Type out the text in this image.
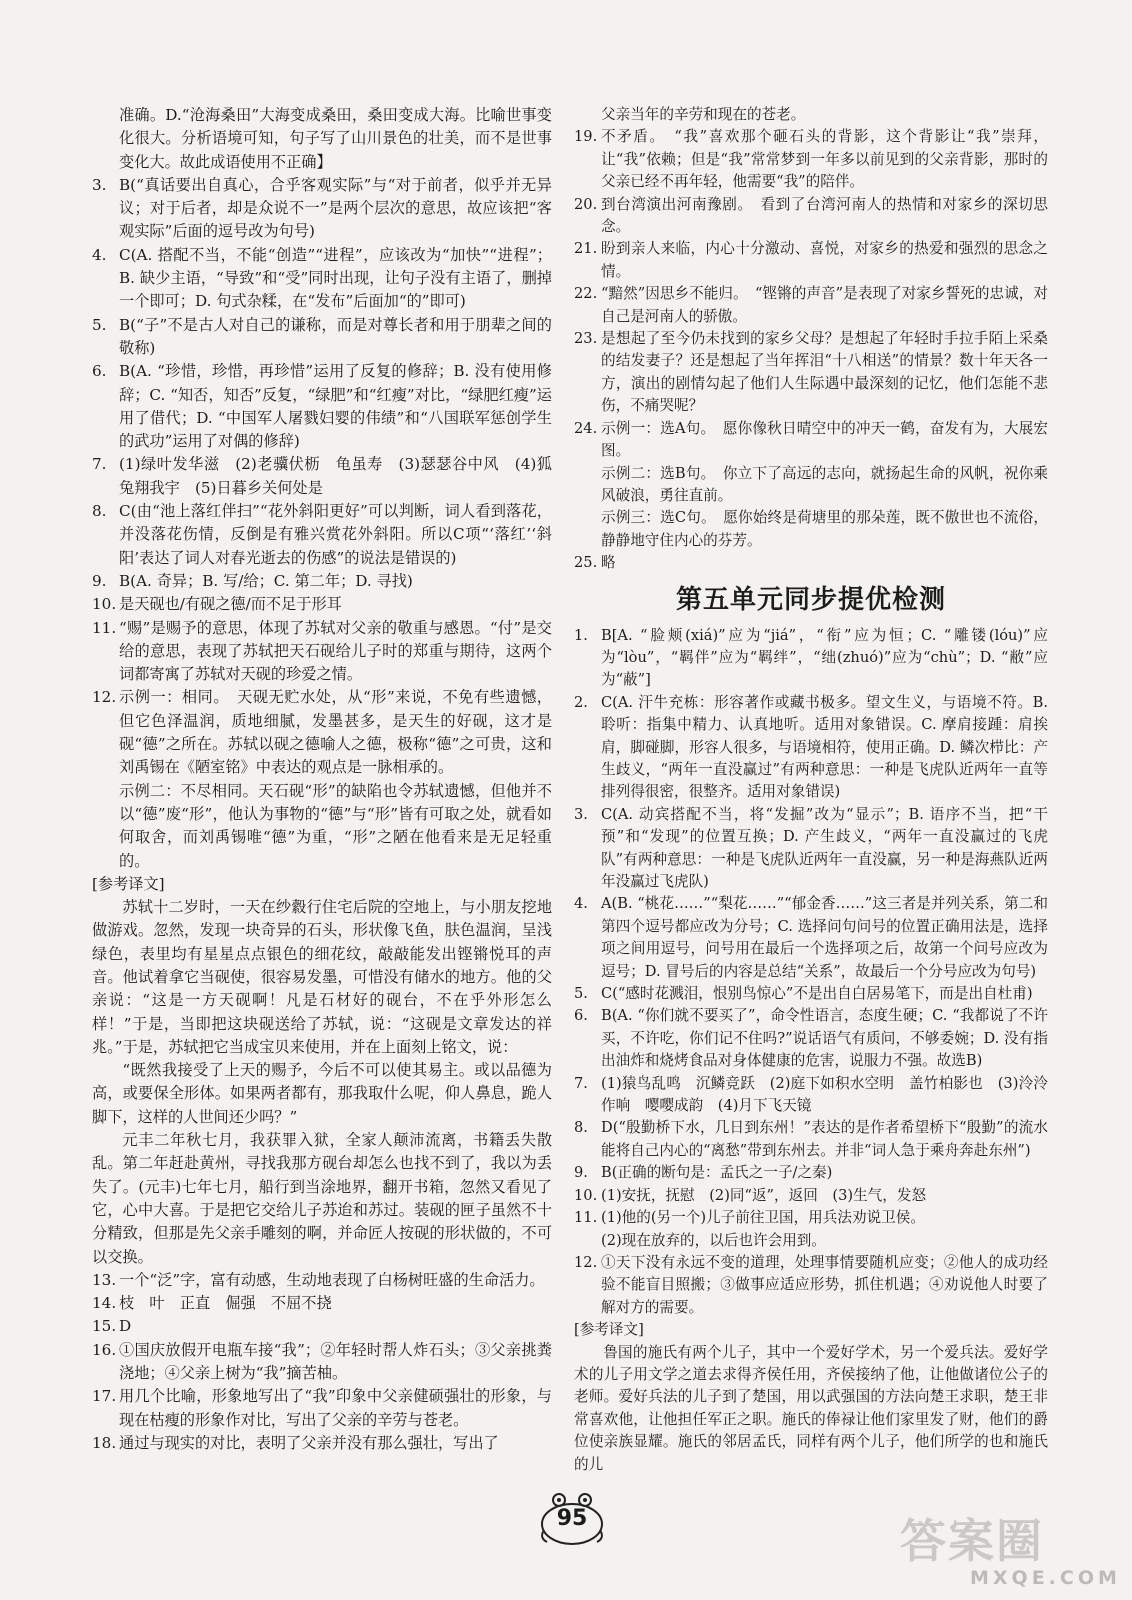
准确。D.“沧海桑田”大海变成桑田，桑田变成大海。比喻世事变化很大。分析语境可知，句子写了山川景色的壮美，而不是世事变化大。故此成语使用不正确】
3. B(“真话要出自真心，合乎客观实际”与“对于前者，似乎并无异议；对于后者，却是众说不一”是两个层次的意思，故应该把“客观实际”后面的逗号改为句号)
4. C(A. 搭配不当，不能“创造”“进程”，应该改为“加快”“进程”；B. 缺少主语，“导致”和“受”同时出现，让句子没有主语了，删掉一个即可；D. 句式杂糅，在“发布”后面加“的”即可)
5. B(“子”不是古人对自己的谦称，而是对尊长者和用于朋辈之间的敬称)
6. B(A. “珍惜，珍惜，再珍惜”运用了反复的修辞；B. 没有使用修辞；C. “知否，知否”反复，“绿肥”和“红瘦”对比，“绿肥红瘦”运用了借代；D. “中国军人屠戮妇婴的伟绩”和“八国联军惩创学生的武功”运用了对偶的修辞)
7. (1)绿叶发华滋　(2)老骥伏枥　龟虽寿　(3)瑟瑟谷中风　(4)狐兔翔我宇　(5)日暮乡关何处是
8. C(由“池上落红伴扫”“花外斜阳更好”可以判断，词人看到落花，并没落花伤情，反倒是有雅兴赏花外斜阳。所以C项“‘落红’‘斜阳’表达了词人对春光逝去的伤感”的说法是错误的)
9. B(A. 奇异；B. 写/给；C. 第二年；D. 寻找)
10. 是天砚也/有砚之德/而不足于形耳
11. “赐”是赐予的意思，体现了苏轼对父亲的敬重与感恩。“付”是交给的意思，表现了苏轼把天石砚给儿子时的郑重与期待，这两个词都寄寓了苏轼对天砚的珍爱之情。
12. 示例一：相同。　天砚无贮水处，从“形”来说，不免有些遗憾，但它色泽温润，质地细腻，发墨甚多，是天生的好砚，这才是砚“德”之所在。苏轼以砚之德喻人之德，极称“德”之可贵，这和刘禹锡在《陋室铭》中表达的观点是一脉相承的。
示例二：不尽相同。天石砚“形”的缺陷也令苏轼遗憾，但他并不以“德”废“形”，他认为事物的“德”与“形”皆有可取之处，就看如何取舍，而刘禹锡唯“德”为重，“形”之陋在他看来是无足轻重的。

[参考译文]

苏轼十二岁时，一天在纱縠行住宅后院的空地上，与小朋友挖地做游戏。忽然，发现一块奇异的石头，形状像飞鱼，肤色温润，呈浅绿色，表里均有星星点点银色的细花纹，敲敲能发出铿锵悦耳的声音。他试着拿它当砚使，很容易发墨，可惜没有储水的地方。他的父亲说：“这是一方天砚啊！凡是石材好的砚台，不在乎外形怎么样！”于是，当即把这块砚送给了苏轼，说：“这砚是文章发达的祥兆。”于是，苏轼把它当成宝贝来使用，并在上面刻上铭文，说：

“既然我接受了上天的赐予，今后不可以使其易主。或以品德为高，或要保全形体。如果两者都有，那我取什么呢，仰人鼻息，跪人脚下，这样的人世间还少吗？”

元丰二年秋七月，我获罪入狱，全家人颠沛流离，书籍丢失散乱。第二年赶赴黄州，寻找我那方砚台却怎么也找不到了，我以为丢失了。(元丰)七年七月，船行到当涂地界，翻开书箱，忽然又看见了它，心中大喜。于是把它交给儿子苏迨和苏过。装砚的匣子虽然不十分精致，但那是先父亲手雕刻的啊，并命匠人按砚的形状做的，不可以交换。

13. 一个“泛”字，富有动感，生动地表现了白杨树旺盛的生命活力。
14. 枝　叶　正直　倔强　不屈不挠
15. D
16. ①国庆放假开电瓶车接“我”；②年轻时帮人炸石头；③父亲挑粪浇地；④父亲上树为“我”摘苦柚。
17. 用几个比喻，形象地写出了“我”印象中父亲健硕强壮的形象，与现在枯瘦的形象作对比，写出了父亲的辛劳与苍老。
18. 通过与现实的对比，表明了父亲并没有那么强壮，写出了
父亲当年的辛劳和现在的苍老。
19. 不矛盾。　“我”喜欢那个砸石头的背影，这个背影让“我”崇拜，让“我”依赖；但是“我”常常梦到一年多以前见到的父亲背影，那时的父亲已经不再年轻，他需要“我”的陪伴。
20. 到台湾演出河南豫剧。　看到了台湾河南人的热情和对家乡的深切思念。
21. 盼到亲人来临，内心十分激动、喜悦，对家乡的热爱和强烈的思念之情。
22. “黯然”因思乡不能归。　“铿锵的声音”是表现了对家乡誓死的忠诚，对自己是河南人的骄傲。
23. 是想起了至今仍未找到的家乡父母？是想起了年轻时手拉手陌上采桑的结发妻子？还是想起了当年挥泪“十八相送”的情景？数十年天各一方，演出的剧情勾起了他们人生际遇中最深刻的记忆，他们怎能不悲伤，不痛哭呢？
24. 示例一：选A句。　愿你像秋日晴空中的冲天一鹤，奋发有为，大展宏图。
示例二：选B句。　你立下了高远的志向，就扬起生命的风帆，祝你乘风破浪，勇往直前。
示例三：选C句。　愿你始终是荷塘里的那朵莲，既不傲世也不流俗，静静地守住内心的芬芳。
25. 略
第五单元同步提优检测
1. B[A. “脸颊(xiá)”应为“jiá”，“衔”应为恒；C. “雕镂(lóu)”应为“lòu”，“羁伴”应为“羁绊”，“绌(zhuó)”应为“chù”；D. “敝”应为“蔽”]
2. C(A. 汗牛充栋：形容著作或藏书极多。望文生义，与语境不符。B. 聆听：指集中精力、认真地听。适用对象错误。C. 摩肩接踵：肩挨肩，脚碰脚，形容人很多，与语境相符，使用正确。D. 鳞次栉比：产生歧义，“两年一直没赢过”有两种意思：一种是飞虎队近两年一直等排列得很密，很整齐。适用对象错误)
3. C(A. 动宾搭配不当，将“发掘”改为“显示”；B. 语序不当，把“干预”和“发现”的位置互换；D. 产生歧义，“两年一直没赢过的飞虎队”有两种意思：一种是飞虎队近两年一直没赢，另一种是海燕队近两年没赢过飞虎队)
4. A(B. “桃花……”“梨花……”“郁金香……”这三者是并列关系，第二和第四个逗号都应改为分号；C. 选择问句问号的位置正确用法是，选择项之间用逗号，问号用在最后一个选择项之后，故第一个问号应改为逗号；D. 冒号后的内容是总结“关系”，故最后一个分号应改为句号)
5. C(“感时花溅泪，恨别鸟惊心”不是出自白居易笔下，而是出自杜甫)
6. B(A. “你们就不要买了”，命令性语言，态度生硬；C. “我都说了不许买，不许吃，你们记不住吗?”说话语气有质问，不够委婉；D. 没有指出油炸和烧烤食品对身体健康的危害，说服力不强。故选B)
7. (1)猿鸟乱鸣　沉鳞竞跃　(2)庭下如积水空明　盖竹柏影也　(3)泠泠作响　嘤嘤成韵　(4)月下飞天镜
8. D(“殷勤桥下水，几日到东州！”表达的是作者希望桥下“殷勤”的流水能将自己内心的“离愁”带到东州去。并非“词人急于乘舟奔赴东州”)
9. B(正确的断句是：孟氏之一子/之秦)
10. (1)安抚，抚慰　(2)同“返”，返回　(3)生气，发怒
11. (1)他的(另一个)儿子前往卫国，用兵法劝说卫侯。
(2)现在放弃的，以后也许会用到。
12. ①天下没有永远不变的道理，处理事情要随机应变；②他人的成功经验不能盲目照搬；③做事应适应形势，抓住机遇；④劝说他人时要了解对方的需要。

[参考译文]

鲁国的施氏有两个儿子，其中一个爱好学术，另一个爱兵法。爱好学术的儿子用文学之道去求得齐侯任用，齐侯接纳了他，让他做诸位公子的老师。爱好兵法的儿子到了楚国，用以武强国的方法向楚王求职，楚王非常喜欢他，让他担任军正之职。施氏的俸禄让他们家里发了财，他们的爵位使亲族显耀。施氏的邻居孟氏，同样有两个儿子，他们所学的也和施氏的儿

95	答案圈
MXQE.COM
